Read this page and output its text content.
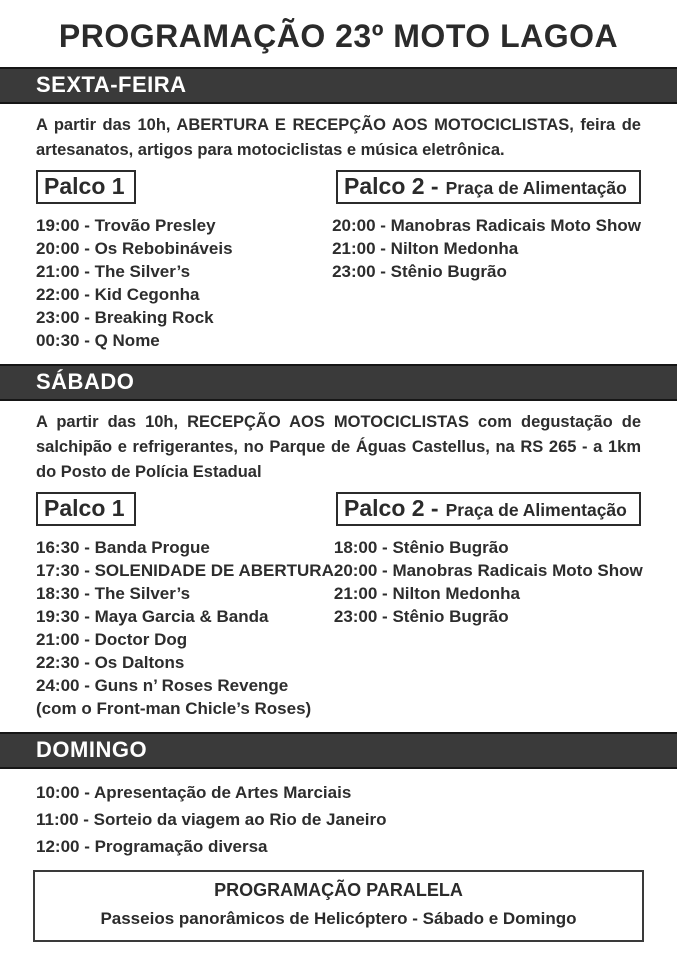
PROGRAMAÇÃO 23º MOTO LAGOA
SEXTA-FEIRA

A partir das 10h, ABERTURA E RECEPÇÃO AOS MOTOCICLISTAS, feira de artesanatos, artigos para motociclistas e música eletrônica.

Palco 1	Palco 2 - Praça de Alimentação
19:00 - Trovão Presley
20:00 - Os Rebobináveis
21:00 - The Silver’s
22:00 - Kid Cegonha
23:00 - Breaking Rock
00:30 - Q Nome
20:00 - Manobras Radicais Moto Show
21:00 - Nilton Medonha
23:00 - Stênio Bugrão
SÁBADO

A partir das 10h, RECEPÇÃO AOS MOTOCICLISTAS com degustação de salchipão e refrigerantes, no Parque de Águas Castellus, na RS 265 - a 1km do Posto de Polícia Estadual

Palco 1	Palco 2 - Praça de Alimentação
16:30 - Banda Progue
17:30 - SOLENIDADE DE ABERTURA
18:30 - The Silver’s
19:30 - Maya Garcia & Banda
21:00 - Doctor Dog
22:30 - Os Daltons
24:00 - Guns n’ Roses Revenge
(com o Front-man Chicle’s Roses)
18:00 - Stênio Bugrão
20:00 - Manobras Radicais Moto Show
21:00 - Nilton Medonha
23:00 - Stênio Bugrão
DOMINGO
10:00 - Apresentação de Artes Marciais
11:00 - Sorteio da viagem ao Rio de Janeiro
12:00 - Programação diversa
PROGRAMAÇÃO PARALELA
Passeios panorâmicos de Helicóptero - Sábado e Domingo
